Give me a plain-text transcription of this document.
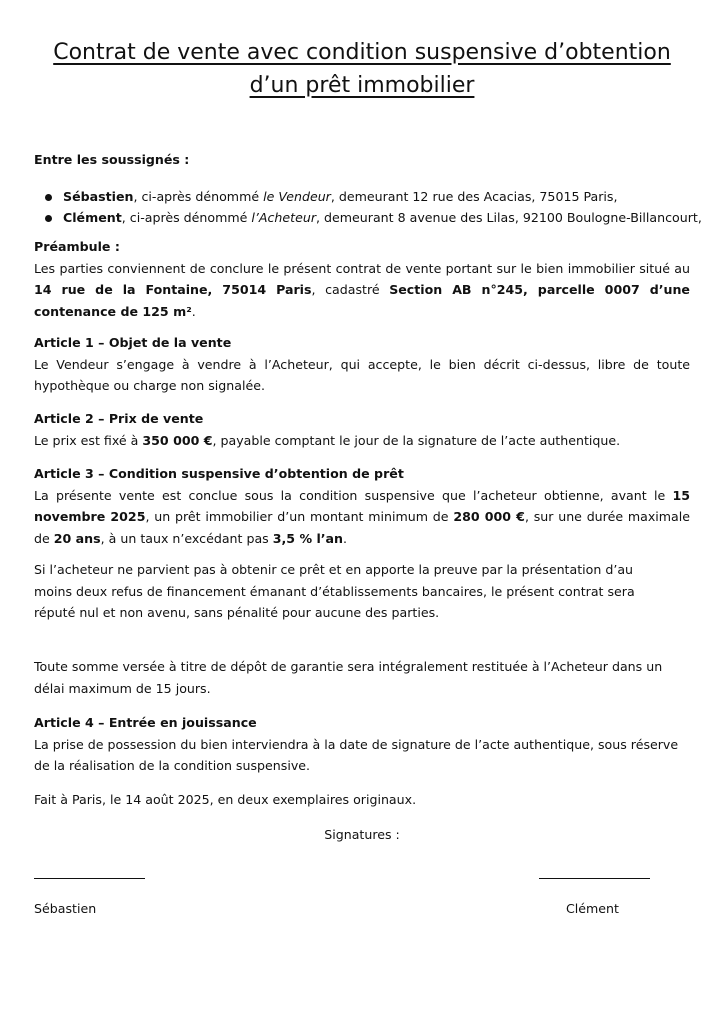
Contrat de vente avec condition suspensive d’obtention
d’un prêt immobilier
Entre les soussignés :
Sébastien, ci-après dénommé le Vendeur, demeurant 12 rue des Acacias, 75015 Paris,
Clément, ci-après dénommé l’Acheteur, demeurant 8 avenue des Lilas, 92100 Boulogne-Billancourt,
Préambule :
Les parties conviennent de conclure le présent contrat de vente portant sur le bien immobilier situé au 14 rue de la Fontaine, 75014 Paris, cadastré Section AB n°245, parcelle 0007 d’une contenance de 125 m².
Article 1 – Objet de la vente
Le Vendeur s’engage à vendre à l’Acheteur, qui accepte, le bien décrit ci-dessus, libre de toute hypothèque ou charge non signalée.
Article 2 – Prix de vente
Le prix est fixé à 350 000 €, payable comptant le jour de la signature de l’acte authentique.
Article 3 – Condition suspensive d’obtention de prêt
La présente vente est conclue sous la condition suspensive que l’acheteur obtienne, avant le 15 novembre 2025, un prêt immobilier d’un montant minimum de 280 000 €, sur une durée maximale de 20 ans, à un taux n’excédant pas 3,5 % l’an.
Si l’acheteur ne parvient pas à obtenir ce prêt et en apporte la preuve par la présentation d’au moins deux refus de financement émanant d’établissements bancaires, le présent contrat sera réputé nul et non avenu, sans pénalité pour aucune des parties.
Toute somme versée à titre de dépôt de garantie sera intégralement restituée à l’Acheteur dans un délai maximum de 15 jours.
Article 4 – Entrée en jouissance
La prise de possession du bien interviendra à la date de signature de l’acte authentique, sous réserve de la réalisation de la condition suspensive.
Fait à Paris, le 14 août 2025, en deux exemplaires originaux.
Signatures :
Sébastien	Clément
